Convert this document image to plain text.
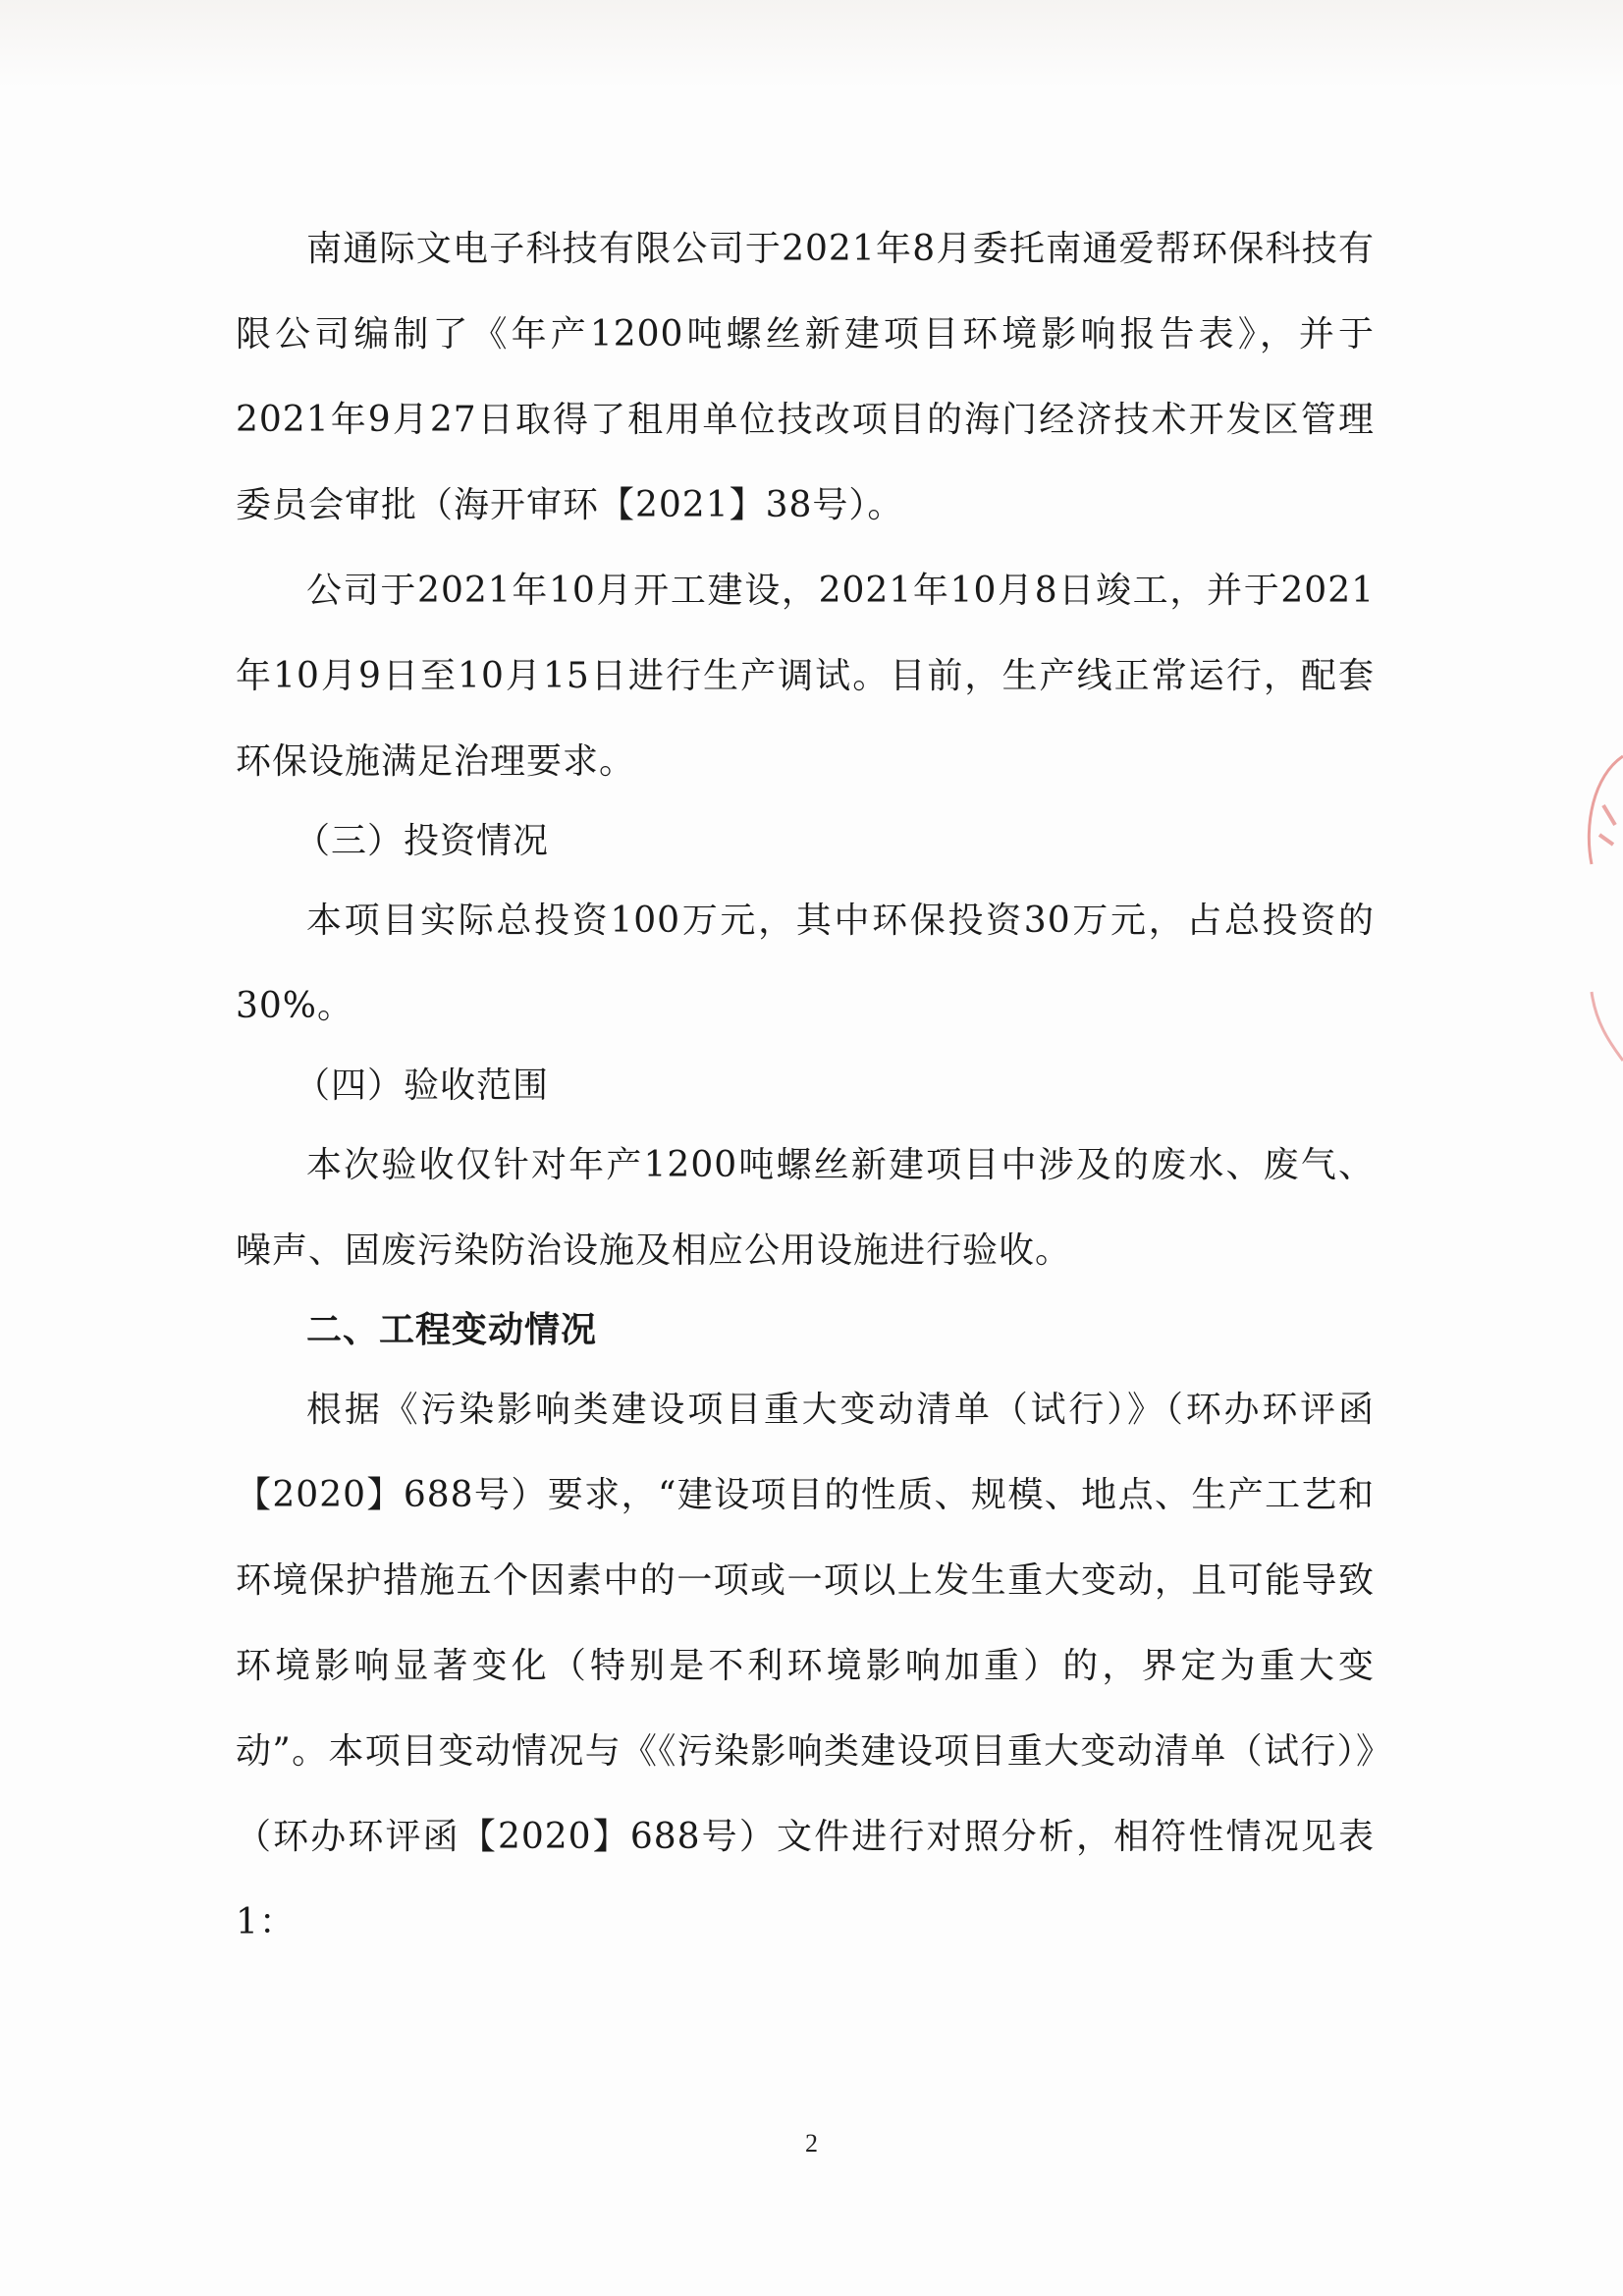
南通际文电子科技有限公司于2021年8月委托南通爱帮环保科技有限公司编制了《年产1200吨螺丝新建项目环境影响报告表》，并于2021年9月27日取得了租用单位技改项目的海门经济技术开发区管理委员会审批（海开审环【2021】38号）。

公司于2021年10月开工建设，2021年10月8日竣工，并于2021年10月9日至10月15日进行生产调试。目前，生产线正常运行，配套环保设施满足治理要求。

（三）投资情况

本项目实际总投资100万元，其中环保投资30万元，占总投资的30%。

（四）验收范围

本次验收仅针对年产1200吨螺丝新建项目中涉及的废水、废气、噪声、固废污染防治设施及相应公用设施进行验收。

二、工程变动情况

根据《污染影响类建设项目重大变动清单（试行）》（环办环评函【2020】688号）要求，“建设项目的性质、规模、地点、生产工艺和环境保护措施五个因素中的一项或一项以上发生重大变动，且可能导致环境影响显著变化（特别是不利环境影响加重）的，界定为重大变动”。本项目变动情况与《《污染影响类建设项目重大变动清单（试行）》（环办环评函【2020】688号）文件进行对照分析，相符性情况见表1：

2
